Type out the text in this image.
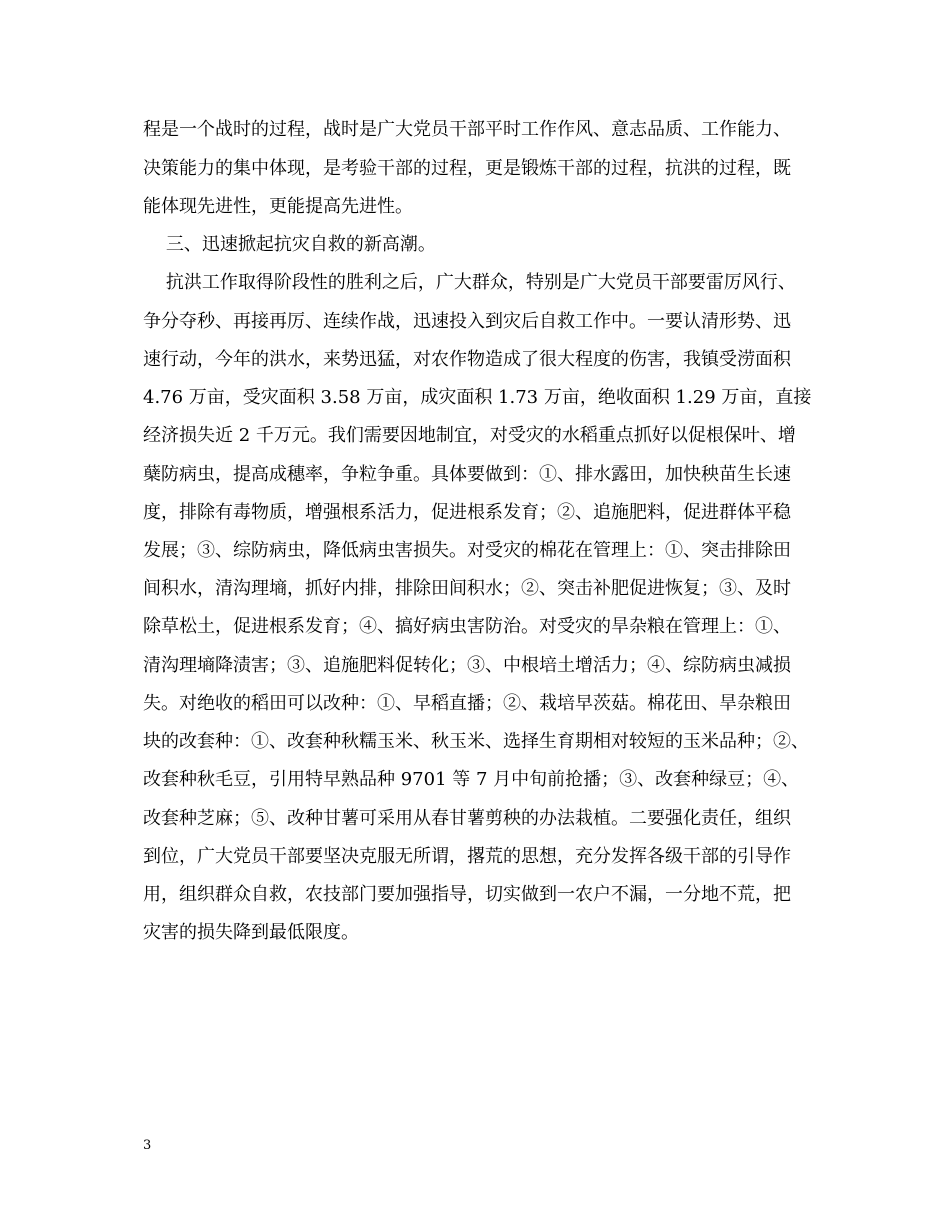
程是一个战时的过程，战时是广大党员干部平时工作作风、意志品质、工作能力、
决策能力的集中体现，是考验干部的过程，更是锻炼干部的过程，抗洪的过程，既
能体现先进性，更能提高先进性。
三、迅速掀起抗灾自救的新高潮。
抗洪工作取得阶段性的胜利之后，广大群众，特别是广大党员干部要雷厉风行、
争分夺秒、再接再厉、连续作战，迅速投入到灾后自救工作中。一要认清形势、迅
速行动，今年的洪水，来势迅猛，对农作物造成了很大程度的伤害，我镇受涝面积
4.76 万亩，受灾面积 3.58 万亩，成灾面积 1.73 万亩，绝收面积 1.29 万亩，直接
经济损失近 2 千万元。我们需要因地制宜，对受灾的水稻重点抓好以促根保叶、增
蘖防病虫，提高成穗率，争粒争重。具体要做到：①、排水露田，加快秧苗生长速
度，排除有毒物质，增强根系活力，促进根系发育；②、追施肥料，促进群体平稳
发展；③、综防病虫，降低病虫害损失。对受灾的棉花在管理上：①、突击排除田
间积水，清沟理墒，抓好内排，排除田间积水；②、突击补肥促进恢复；③、及时
除草松土，促进根系发育；④、搞好病虫害防治。对受灾的旱杂粮在管理上：①、
清沟理墒降渍害；③、追施肥料促转化；③、中根培土增活力；④、综防病虫减损
失。对绝收的稻田可以改种：①、早稻直播；②、栽培早茨菇。棉花田、旱杂粮田
块的改套种：①、改套种秋糯玉米、秋玉米、选择生育期相对较短的玉米品种；②、
改套种秋毛豆，引用特早熟品种 9701 等 7 月中旬前抢播；③、改套种绿豆；④、
改套种芝麻；⑤、改种甘薯可采用从春甘薯剪秧的办法栽植。二要强化责任，组织
到位，广大党员干部要坚决克服无所谓，撂荒的思想，充分发挥各级干部的引导作
用，组织群众自救，农技部门要加强指导，切实做到一农户不漏，一分地不荒，把
灾害的损失降到最低限度。
3
